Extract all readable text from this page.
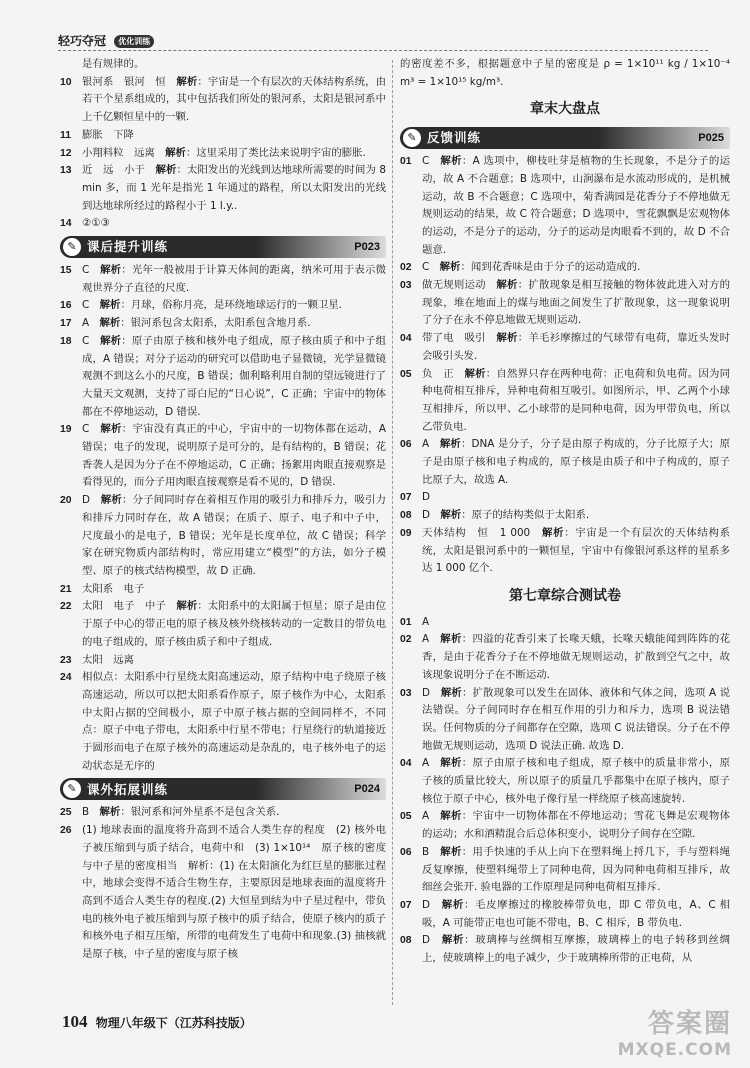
轻巧夺冠 优化训练
是有规律的。
10	银河系　银河　恒　 解析：宇宙是一个有层次的天体结构系统，由若干个星系组成的，其中包括我们所处的银河系，太阳是银河系中上千亿颗恒星中的一颗.
11	膨胀　下降
12	小翔料粒　远离　 解析：这里采用了类比法来说明宇宙的膨胀.
13	近　远　小于　 解析：太阳发出的光线到达地球所需要的时间为 8 min 多，而 1 光年是指光 1 年通过的路程，所以太阳发出的光线到达地球所经过的路程小于 1 l.y..
14	②①③
✎ 课后提升训练	P023
15	C　 解析：光年一般被用于计算天体间的距离，纳米可用于表示微观世界分子直径的尺度.
16	C　 解析：月球，俗称月亮，是环绕地球运行的一颗卫星.
17	A　 解析：银河系包含太阳系，太阳系包含地月系.
18	C　 解析：原子由原子核和核外电子组成，原子核由质子和中子组成，A 错误；对分子运动的研究可以借助电子显微镜，光学显微镜观测不到这么小的尺度，B 错误；伽利略利用自制的望远镜进行了大量天文观测，支持了哥白尼的“日心说”，C 正确；宇宙中的物体都在不停地运动，D 错误.
19	C　 解析：宇宙没有真正的中心，宇宙中的一切物体都在运动，A 错误；电子的发现，说明原子是可分的，是有结构的，B 错误；花香袭人是因为分子在不停地运动，C 正确；扬絮用肉眼直接观察是看得见的，而分子用肉眼直接观察是看不见的，D 错误.
20	D　 解析：分子间同时存在着相互作用的吸引力和排斥力，吸引力和排斥力同时存在，故 A 错误；在质子、原子、电子和中子中，尺度最小的是电子，B 错误；光年是长度单位，故 C 错误；科学家在研究物质内部结构时，常应用建立“模型”的方法，如分子模型、原子的核式结构模型，故 D 正确.
21	太阳系　电子
22	太阳　电子　中子　 解析：太阳系中的太阳属于恒星；原子是由位于原子中心的带正电的原子核及核外绕核转动的一定数目的带负电的电子组成的，原子核由质子和中子组成.
23	太阳　远离
24	相似点：太阳系中行星绕太阳高速运动，原子结构中电子绕原子核高速运动，所以可以把太阳系看作原子，原子核作为中心，太阳系中太阳占据的空间极小，原子中原子核占据的空间同样不，不同点：原子中电子带电，太阳系中行星不带电；行星绕行的轨道接近于圆形而电子在原子核外的高速运动是杂乱的，电子核外电子的运动状态是无序的
✎ 课外拓展训练	P024
25	B　 解析：银河系和河外星系不是包含关系.
26	(1) 地球表面的温度将升高到不适合人类生存的程度　(2) 核外电子被压缩到与质子结合，电荷中和　(3) 1×10¹⁴　原子核的密度与中子星的密度相当　解析：(1) 在太阳演化为红巨星的膨胀过程中，地球会变得不适合生物生存，主要原因是地球表面的温度将升高到不适合人类生存的程度.(2) 大恒星到结为中子星过程中，带负电的核外电子被压缩到与原子核中的质子结合，使原子核内的质子和核外电子相互压缩，所带的电荷发生了电荷中和现象.(3) 抽核就是原子核，中子星的密度与原子核
的密度差不多，根据题意中子星的密度是 ρ = 1×10¹¹ kg / 1×10⁻⁴ m³ = 1×10¹⁵ kg/m³.
章末大盘点
✎ 反馈训练	P025
01	C　 解析：A 选项中，柳枝吐芽是植物的生长现象，不是分子的运动，故 A 不合题意；B 选项中，山涧瀑布是水流动形成的，是机械运动，故 B 不合题意；C 选项中，菊香满园是花香分子不停地做无规则运动的结果，故 C 符合题意；D 选项中，雪花飘飘是宏观物体的运动，不是分子的运动，分子的运动是肉眼看不到的，故 D 不合题意.
02	C　 解析：闻到花香味是由于分子的运动造成的.
03	做无规则运动　 解析：扩散现象是相互接触的物体彼此进入对方的现象，堆在地面上的煤与地面之间发生了扩散现象，这一现象说明了分子在永不停息地做无规则运动.
04	带了电　吸引　 解析：羊毛衫摩擦过的气球带有电荷，靠近头发时会吸引头发.
05	负　正　 解析：自然界只存在两种电荷：正电荷和负电荷。因为同种电荷相互排斥，异种电荷相互吸引。如图所示，甲、乙两个小球互相排斥，所以甲、乙小球带的是同种电荷，因为甲带负电，所以乙带负电.
06	A　 解析：DNA 是分子，分子是由原子构成的，分子比原子大；原子是由原子核和电子构成的，原子核是由质子和中子构成的，原子比原子大，故选 A.
07	D
08	D　 解析：原子的结构类似于太阳系.
09	天体结构　恒　1 000　 解析：宇宙是一个有层次的天体结构系统，太阳是银河系中的一颗恒星，宇宙中有像银河系这样的星系多达 1 000 亿个.
第七章综合测试卷
01	A
02	A　 解析：四溢的花香引来了长喙天蛾，长喙天蛾能闻到阵阵的花香，是由于花香分子在不停地做无规则运动，扩散到空气之中，故该现象说明分子在不断运动.
03	D　 解析：扩散现象可以发生在固体、液体和气体之间，选项 A 说法错误。分子间同时存在相互作用的引力和斥力，选项 B 说法错误。任何物质的分子间都存在空隙，选项 C 说法错误。分子在不停地做无规则运动，选项 D 说法正确. 故选 D.
04	A　 解析：原子由原子核和电子组成，原子核中的质量非常小，原子核的质量比较大，所以原子的质量几乎都集中在原子核内，原子核位于原子中心，核外电子像行星一样绕原子核高速旋转.
05	A　 解析：宇宙中一切物体都在不停地运动；雪花飞舞是宏观物体的运动；水和酒精混合后总体积变小，说明分子间存在空隙.
06	B　 解析：用手快速的手从上向下在塑料绳上捋几下，手与塑料绳反复摩擦，使塑料绳带上了同种电荷，因为同种电荷相互排斥，故细丝会张开. 验电器的工作原理是同种电荷相互排斥.
07	D　 解析：毛皮摩擦过的橡胶棒带负电，即 C 带负电，A、C 相吸，A 可能带正电也可能不带电，B、C 相斥，B 带负电.
08	D　 解析：玻璃棒与丝绸相互摩擦，玻璃棒上的电子转移到丝绸上，使玻璃棒上的电子减少，少于玻璃棒所带的正电荷，从
104 物理八年级下（江苏科技版）	答案圈
MXQE.COM
